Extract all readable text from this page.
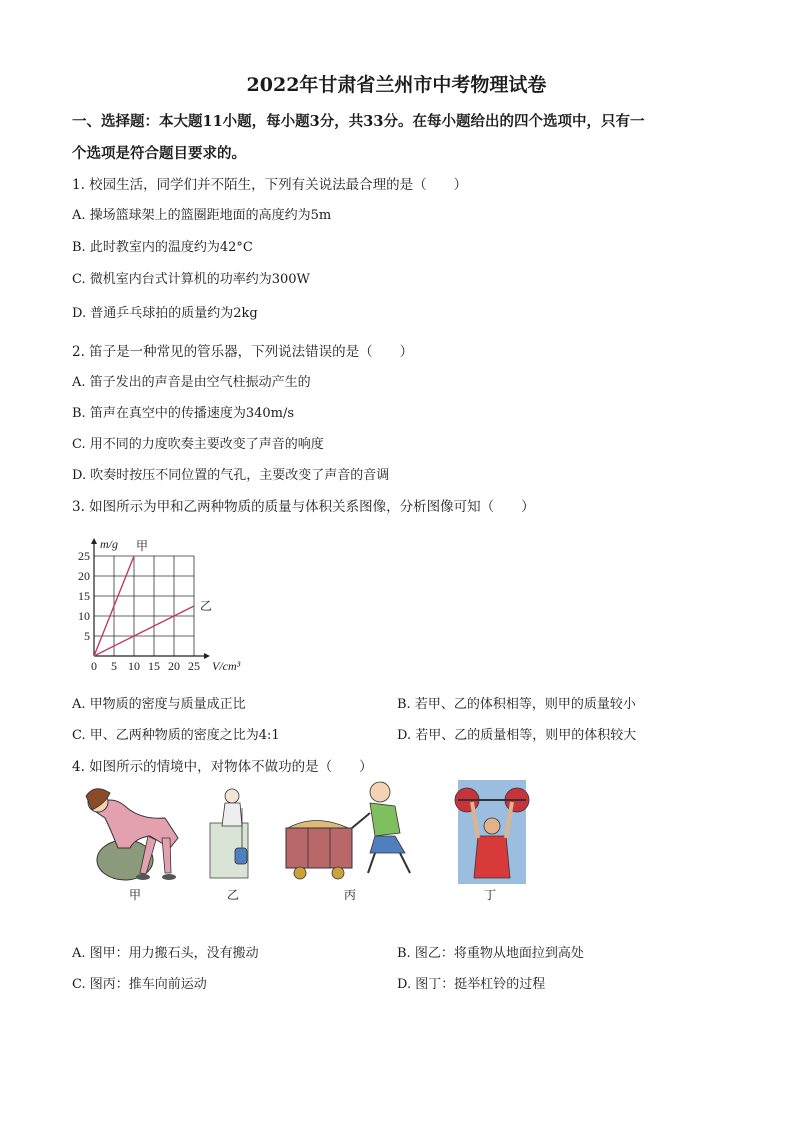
2022年甘肃省兰州市中考物理试卷
一、选择题：本大题11小题，每小题3分，共33分。在每小题给出的四个选项中，只有一
个选项是符合题目要求的。
1. 校园生活，同学们并不陌生，下列有关说法最合理的是（　　）
A. 操场篮球架上的篮圈距地面的高度约为5m
B. 此时教室内的温度约为42°C
C. 微机室内台式计算机的功率约为300W
D. 普通乒乓球拍的质量约为2kg
2. 笛子是一种常见的管乐器，下列说法错误的是（　　）
A. 笛子发出的声音是由空气柱振动产生的
B. 笛声在真空中的传播速度为340m/s
C. 用不同的力度吹奏主要改变了声音的响度
D. 吹奏时按压不同位置的气孔，主要改变了声音的音调
3. 如图所示为甲和乙两种物质的质量与体积关系图像，分析图像可知（　　）
0 5 10 15 20 25
5
10
15
20
25
m/g
V/cm³
甲
乙
A. 甲物质的密度与质量成正比	B. 若甲、乙的体积相等，则甲的质量较小
C. 甲、乙两种物质的密度之比为4:1	D. 若甲、乙的质量相等，则甲的体积较大
4. 如图所示的情境中，对物体不做功的是（　　）
甲	乙	丙	丁
A. 图甲：用力搬石头，没有搬动	B. 图乙：将重物从地面拉到高处
C. 图丙：推车向前运动	D. 图丁：挺举杠铃的过程
